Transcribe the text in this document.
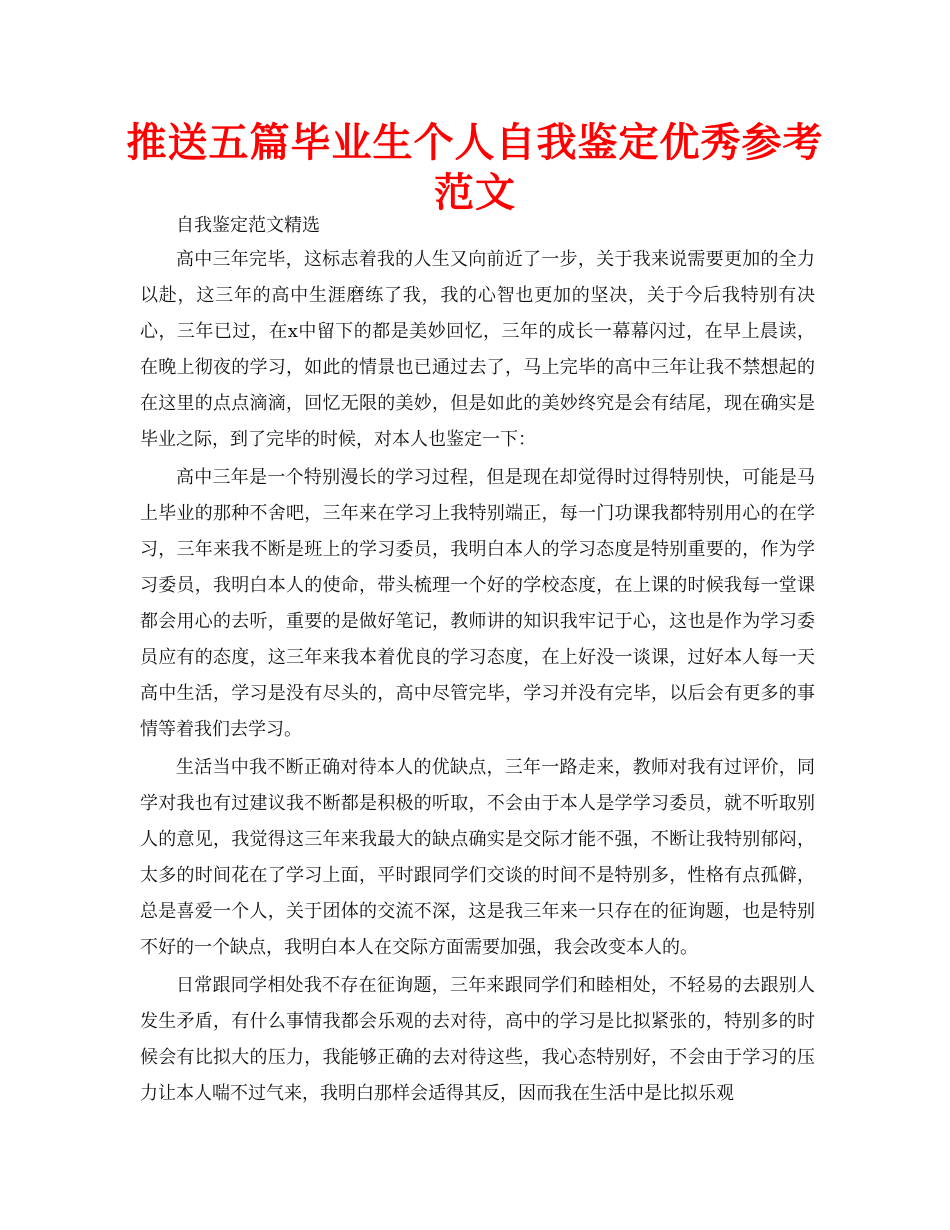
推送五篇毕业生个人自我鉴定优秀参考范文

自我鉴定范文精选

高中三年完毕，这标志着我的人生又向前近了一步，关于我来说需要更加的全力以赴，这三年的高中生涯磨练了我，我的心智也更加的坚决，关于今后我特别有决心，三年已过，在x中留下的都是美妙回忆，三年的成长一幕幕闪过，在早上晨读，在晚上彻夜的学习，如此的情景也已通过去了，马上完毕的高中三年让我不禁想起的在这里的点点滴滴，回忆无限的美妙，但是如此的美妙终究是会有结尾，现在确实是毕业之际，到了完毕的时候，对本人也鉴定一下：

高中三年是一个特别漫长的学习过程，但是现在却觉得时过得特别快，可能是马上毕业的那种不舍吧，三年来在学习上我特别端正，每一门功课我都特别用心的在学习，三年来我不断是班上的学习委员，我明白本人的学习态度是特别重要的，作为学习委员，我明白本人的使命，带头梳理一个好的学校态度，在上课的时候我每一堂课都会用心的去听，重要的是做好笔记，教师讲的知识我牢记于心，这也是作为学习委员应有的态度，这三年来我本着优良的学习态度，在上好没一谈课，过好本人每一天高中生活，学习是没有尽头的，高中尽管完毕，学习并没有完毕，以后会有更多的事情等着我们去学习。

生活当中我不断正确对待本人的优缺点，三年一路走来，教师对我有过评价，同学对我也有过建议我不断都是积极的听取，不会由于本人是学学习委员，就不听取别人的意见，我觉得这三年来我最大的缺点确实是交际才能不强，不断让我特别郁闷，太多的时间花在了学习上面，平时跟同学们交谈的时间不是特别多，性格有点孤僻，总是喜爱一个人，关于团体的交流不深，这是我三年来一只存在的征询题，也是特别不好的一个缺点，我明白本人在交际方面需要加强，我会改变本人的。

日常跟同学相处我不存在征询题，三年来跟同学们和睦相处，不轻易的去跟别人发生矛盾，有什么事情我都会乐观的去对待，高中的学习是比拟紧张的，特别多的时候会有比拟大的压力，我能够正确的去对待这些，我心态特别好，不会由于学习的压力让本人喘不过气来，我明白那样会适得其反，因而我在生活中是比拟乐观
